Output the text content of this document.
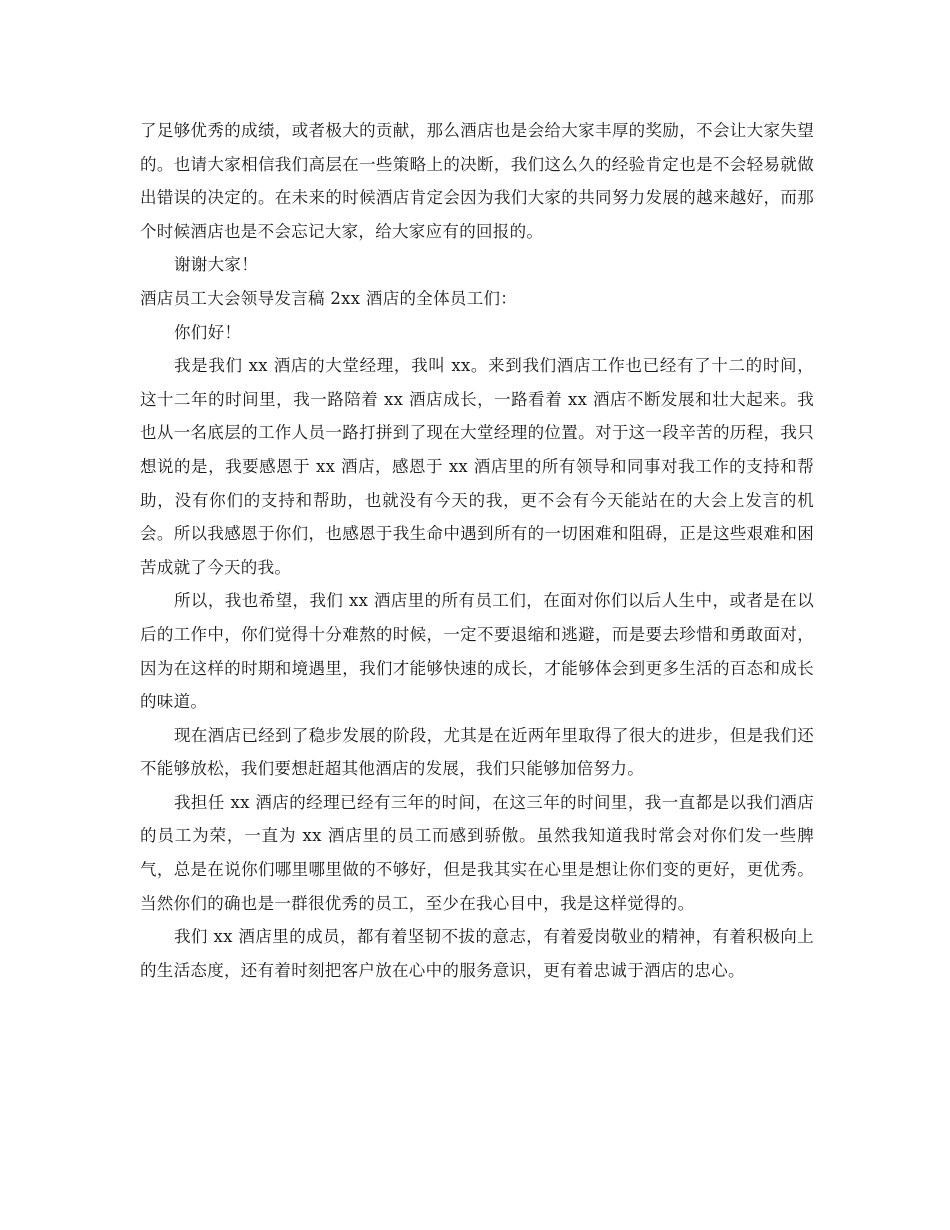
了足够优秀的成绩，或者极大的贡献，那么酒店也是会给大家丰厚的奖励，不会让大家失望的。也请大家相信我们高层在一些策略上的决断，我们这么久的经验肯定也是不会轻易就做出错误的决定的。在未来的时候酒店肯定会因为我们大家的共同努力发展的越来越好，而那个时候酒店也是不会忘记大家，给大家应有的回报的。

谢谢大家！

酒店员工大会领导发言稿 2xx 酒店的全体员工们：

你们好！

我是我们 xx 酒店的大堂经理，我叫 xx。来到我们酒店工作也已经有了十二的时间，这十二年的时间里，我一路陪着 xx 酒店成长，一路看着 xx 酒店不断发展和壮大起来。我也从一名底层的工作人员一路打拼到了现在大堂经理的位置。对于这一段辛苦的历程，我只想说的是，我要感恩于 xx 酒店，感恩于 xx 酒店里的所有领导和同事对我工作的支持和帮助，没有你们的支持和帮助，也就没有今天的我，更不会有今天能站在的大会上发言的机会。所以我感恩于你们，也感恩于我生命中遇到所有的一切困难和阻碍，正是这些艰难和困苦成就了今天的我。

所以，我也希望，我们 xx 酒店里的所有员工们，在面对你们以后人生中，或者是在以后的工作中，你们觉得十分难熬的时候，一定不要退缩和逃避，而是要去珍惜和勇敢面对，因为在这样的时期和境遇里，我们才能够快速的成长，才能够体会到更多生活的百态和成长的味道。

现在酒店已经到了稳步发展的阶段，尤其是在近两年里取得了很大的进步，但是我们还不能够放松，我们要想赶超其他酒店的发展，我们只能够加倍努力。

我担任 xx 酒店的经理已经有三年的时间，在这三年的时间里，我一直都是以我们酒店的员工为荣，一直为 xx 酒店里的员工而感到骄傲。虽然我知道我时常会对你们发一些脾气，总是在说你们哪里哪里做的不够好，但是我其实在心里是想让你们变的更好，更优秀。当然你们的确也是一群很优秀的员工，至少在我心目中，我是这样觉得的。

我们 xx 酒店里的成员，都有着坚韧不拔的意志，有着爱岗敬业的精神，有着积极向上的生活态度，还有着时刻把客户放在心中的服务意识，更有着忠诚于酒店的忠心。
